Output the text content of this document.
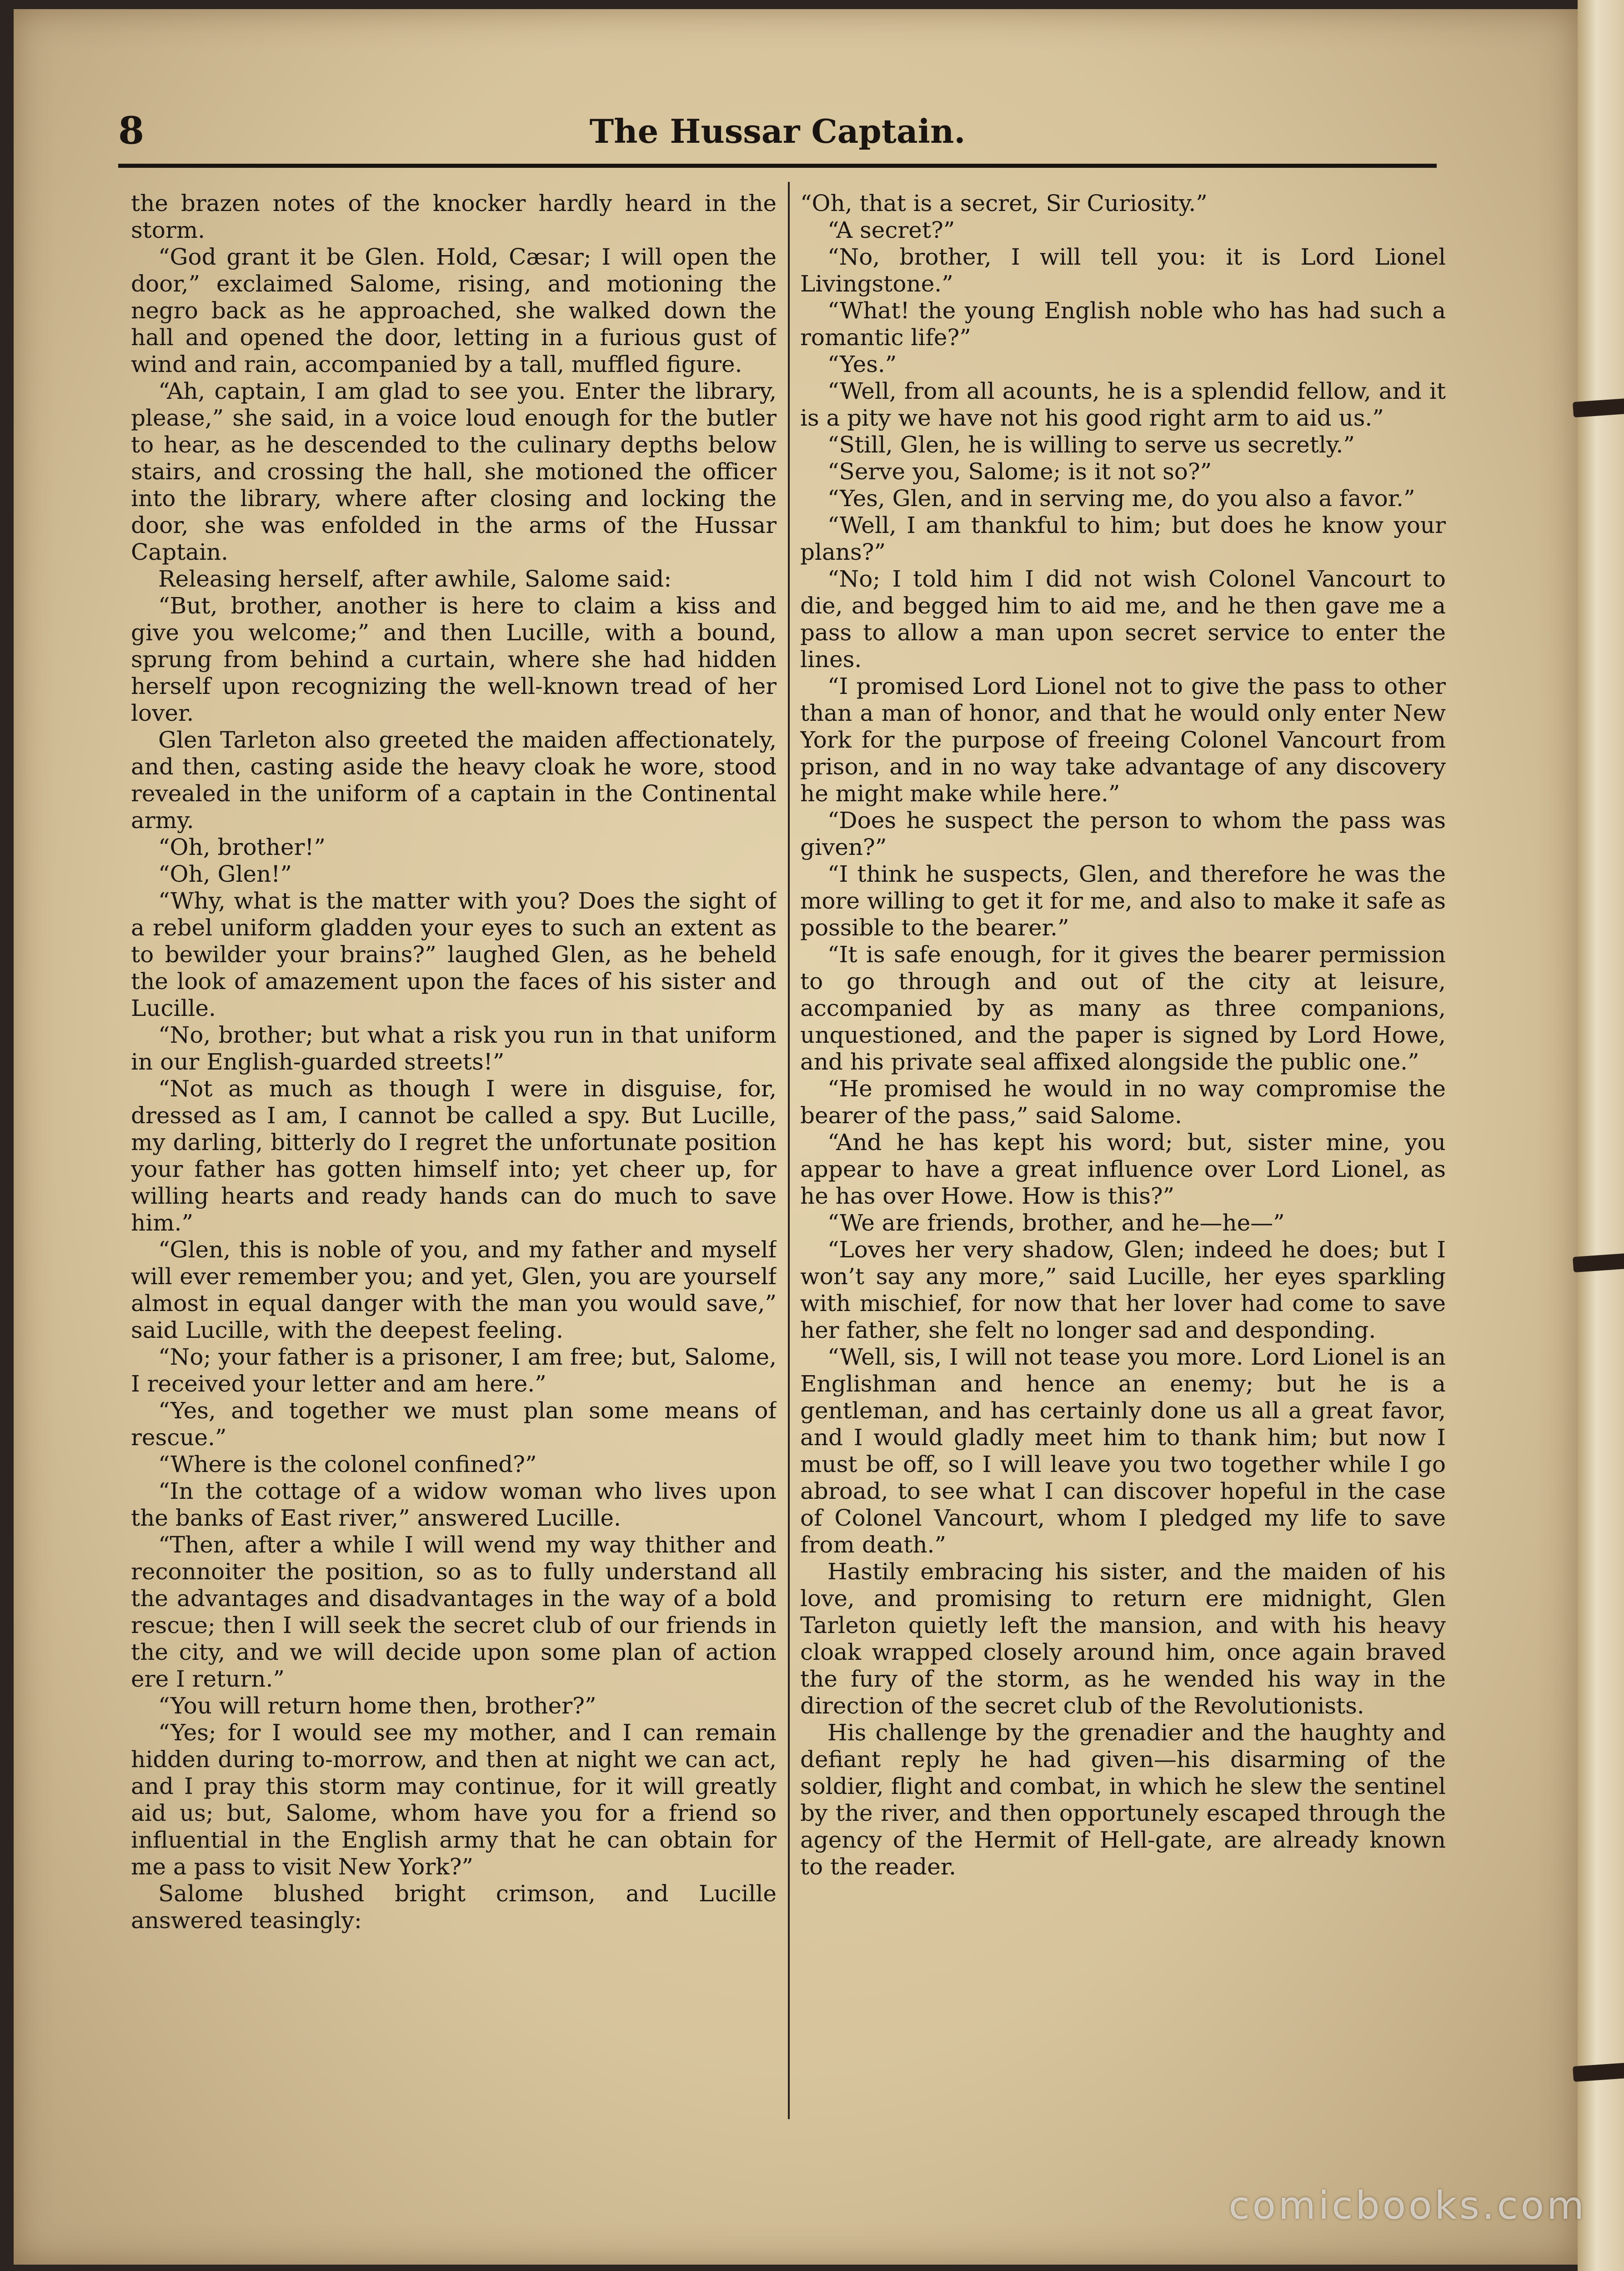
8	The Hussar Captain.

the brazen notes of the knocker hardly heard in the storm.

“God grant it be Glen. Hold, Cæsar; I will open the door,” exclaimed Salome, rising, and motioning the negro back as he approached, she walked down the hall and opened the door, letting in a furious gust of wind and rain, accompanied by a tall, muffled figure.

“Ah, captain, I am glad to see you. Enter the library, please,” she said, in a voice loud enough for the butler to hear, as he descended to the culinary depths below stairs, and crossing the hall, she motioned the officer into the library, where after closing and locking the door, she was enfolded in the arms of the Hussar Captain.

Releasing herself, after awhile, Salome said:

“But, brother, another is here to claim a kiss and give you welcome;” and then Lucille, with a bound, sprung from behind a curtain, where she had hidden herself upon recognizing the well-known tread of her lover.

Glen Tarleton also greeted the maiden affectionately, and then, casting aside the heavy cloak he wore, stood revealed in the uniform of a captain in the Continental army.

“Oh, brother!”

“Oh, Glen!”

“Why, what is the matter with you? Does the sight of a rebel uniform gladden your eyes to such an extent as to bewilder your brains?” laughed Glen, as he beheld the look of amazement upon the faces of his sister and Lucille.

“No, brother; but what a risk you run in that uniform in our English-guarded streets!”

“Not as much as though I were in disguise, for, dressed as I am, I cannot be called a spy. But Lucille, my darling, bitterly do I regret the unfortunate position your father has gotten himself into; yet cheer up, for willing hearts and ready hands can do much to save him.”

“Glen, this is noble of you, and my father and myself will ever remember you; and yet, Glen, you are yourself almost in equal danger with the man you would save,” said Lucille, with the deepest feeling.

“No; your father is a prisoner, I am free; but, Salome, I received your letter and am here.”

“Yes, and together we must plan some means of rescue.”

“Where is the colonel confined?”

“In the cottage of a widow woman who lives upon the banks of East river,” answered Lucille.

“Then, after a while I will wend my way thither and reconnoiter the position, so as to fully understand all the advantages and disadvantages in the way of a bold rescue; then I will seek the secret club of our friends in the city, and we will decide upon some plan of action ere I return.”

“You will return home then, brother?”

“Yes; for I would see my mother, and I can remain hidden during to-morrow, and then at night we can act, and I pray this storm may continue, for it will greatly aid us; but, Salome, whom have you for a friend so influential in the English army that he can obtain for me a pass to visit New York?”

Salome blushed bright crimson, and Lucille answered teasingly:

“Oh, that is a secret, Sir Curiosity.”

“A secret?”

“No, brother, I will tell you: it is Lord Lionel Livingstone.”

“What! the young English noble who has had such a romantic life?”

“Yes.”

“Well, from all acounts, he is a splendid fellow, and it is a pity we have not his good right arm to aid us.”

“Still, Glen, he is willing to serve us secretly.”

“Serve you, Salome; is it not so?”

“Yes, Glen, and in serving me, do you also a favor.”

“Well, I am thankful to him; but does he know your plans?”

“No; I told him I did not wish Colonel Vancourt to die, and begged him to aid me, and he then gave me a pass to allow a man upon secret service to enter the lines.

“I promised Lord Lionel not to give the pass to other than a man of honor, and that he would only enter New York for the purpose of freeing Colonel Vancourt from prison, and in no way take advantage of any discovery he might make while here.”

“Does he suspect the person to whom the pass was given?”

“I think he suspects, Glen, and therefore he was the more willing to get it for me, and also to make it safe as possible to the bearer.”

“It is safe enough, for it gives the bearer permission to go through and out of the city at leisure, accompanied by as many as three companions, unquestioned, and the paper is signed by Lord Howe, and his private seal affixed alongside the public one.”

“He promised he would in no way compromise the bearer of the pass,” said Salome.

“And he has kept his word; but, sister mine, you appear to have a great influence over Lord Lionel, as he has over Howe. How is this?”

“We are friends, brother, and he—he—”

“Loves her very shadow, Glen; indeed he does; but I won’t say any more,” said Lucille, her eyes sparkling with mischief, for now that her lover had come to save her father, she felt no longer sad and desponding.

“Well, sis, I will not tease you more. Lord Lionel is an Englishman and hence an enemy; but he is a gentleman, and has certainly done us all a great favor, and I would gladly meet him to thank him; but now I must be off, so I will leave you two together while I go abroad, to see what I can discover hopeful in the case of Colonel Vancourt, whom I pledged my life to save from death.”

Hastily embracing his sister, and the maiden of his love, and promising to return ere midnight, Glen Tarleton quietly left the mansion, and with his heavy cloak wrapped closely around him, once again braved the fury of the storm, as he wended his way in the direction of the secret club of the Revolutionists.

His challenge by the grenadier and the haughty and defiant reply he had given—his disarming of the soldier, flight and combat, in which he slew the sentinel by the river, and then opportunely escaped through the agency of the Hermit of Hell-gate, are already known to the reader.

comicbooks.com
